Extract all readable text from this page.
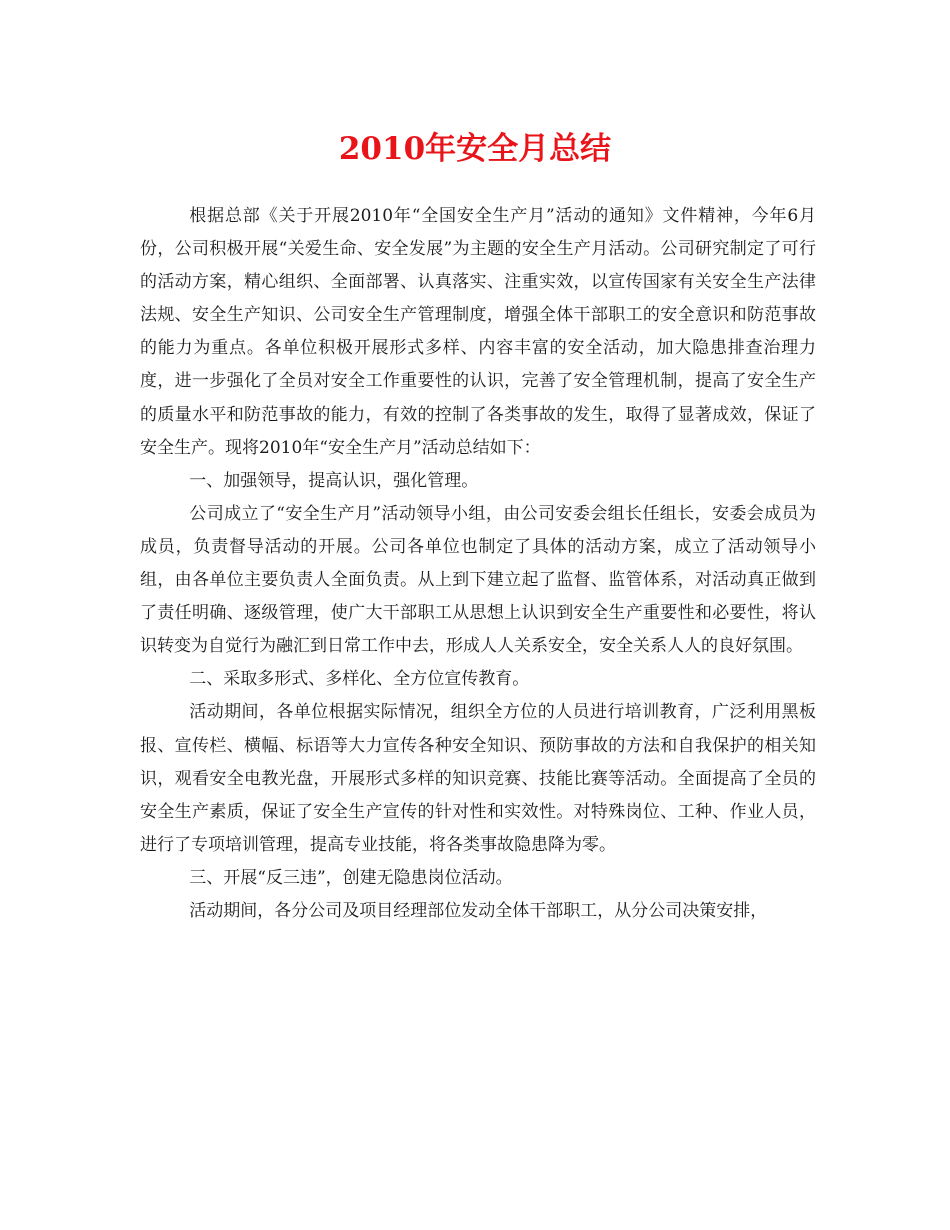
2010年安全月总结

根据总部《关于开展2010年“全国安全生产月”活动的通知》文件精神，今年6月份，公司积极开展“关爱生命、安全发展”为主题的安全生产月活动。公司研究制定了可行的活动方案，精心组织、全面部署、认真落实、注重实效，以宣传国家有关安全生产法律法规、安全生产知识、公司安全生产管理制度，增强全体干部职工的安全意识和防范事故的能力为重点。各单位积极开展形式多样、内容丰富的安全活动，加大隐患排查治理力度，进一步强化了全员对安全工作重要性的认识，完善了安全管理机制，提高了安全生产的质量水平和防范事故的能力，有效的控制了各类事故的发生，取得了显著成效，保证了安全生产。现将2010年“安全生产月”活动总结如下：

一、加强领导，提高认识，强化管理。

公司成立了“安全生产月”活动领导小组，由公司安委会组长任组长，安委会成员为成员，负责督导活动的开展。公司各单位也制定了具体的活动方案，成立了活动领导小组，由各单位主要负责人全面负责。从上到下建立起了监督、监管体系，对活动真正做到了责任明确、逐级管理，使广大干部职工从思想上认识到安全生产重要性和必要性，将认识转变为自觉行为融汇到日常工作中去，形成人人关系安全，安全关系人人的良好氛围。

二、采取多形式、多样化、全方位宣传教育。

活动期间，各单位根据实际情况，组织全方位的人员进行培训教育，广泛利用黑板报、宣传栏、横幅、标语等大力宣传各种安全知识、预防事故的方法和自我保护的相关知识，观看安全电教光盘，开展形式多样的知识竞赛、技能比赛等活动。全面提高了全员的安全生产素质，保证了安全生产宣传的针对性和实效性。对特殊岗位、工种、作业人员，进行了专项培训管理，提高专业技能，将各类事故隐患降为零。

三、开展“反三违”，创建无隐患岗位活动。

活动期间，各分公司及项目经理部位发动全体干部职工，从分公司决策安排，
